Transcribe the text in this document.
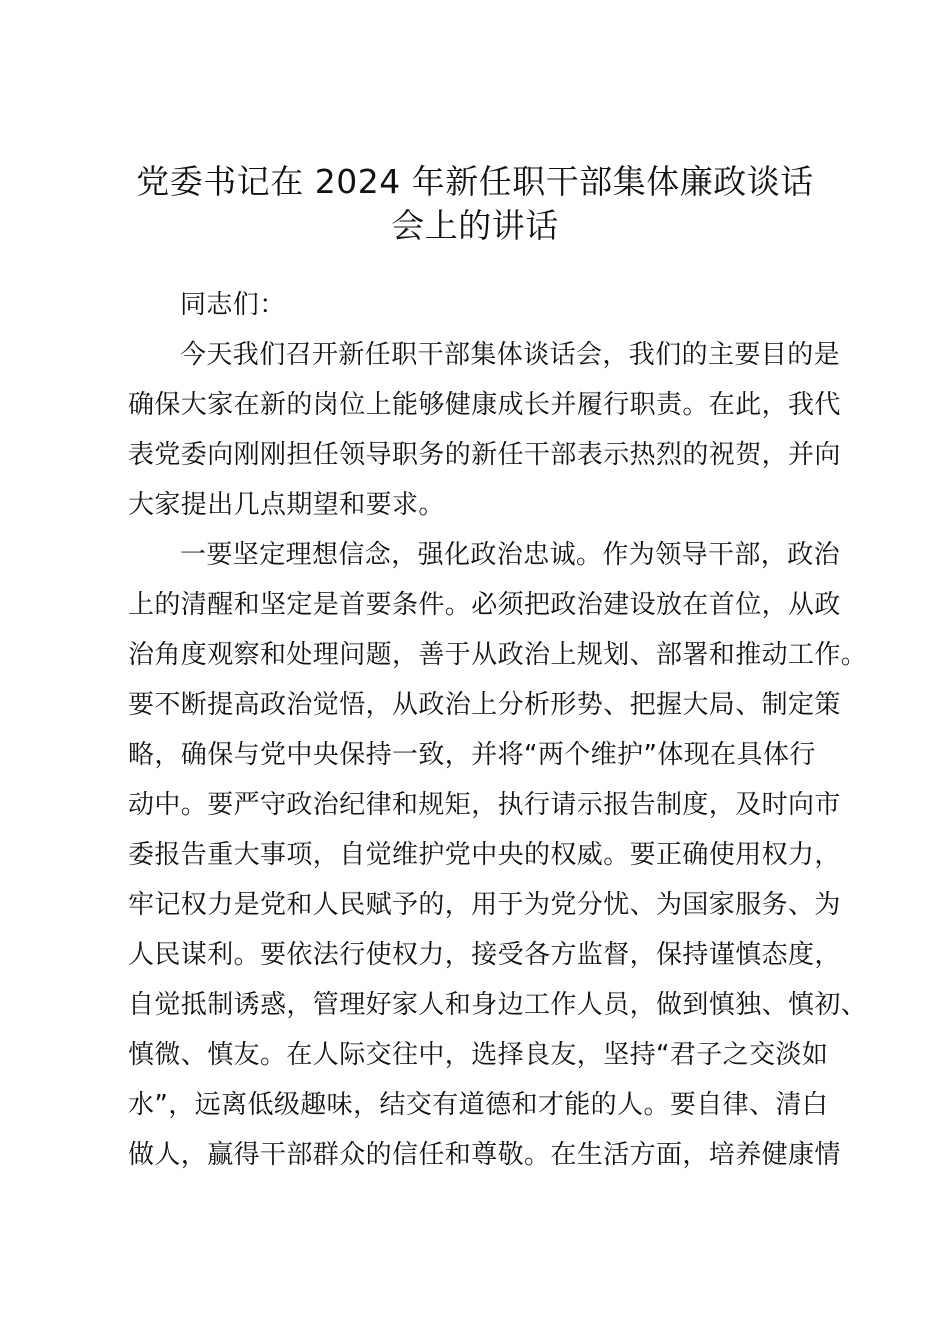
党委书记在 2024 年新任职干部集体廉政谈话
会上的讲话
同志们：
今天我们召开新任职干部集体谈话会，我们的主要目的是
确保大家在新的岗位上能够健康成长并履行职责。在此，我代
表党委向刚刚担任领导职务的新任干部表示热烈的祝贺，并向
大家提出几点期望和要求。
一要坚定理想信念，强化政治忠诚。作为领导干部，政治
上的清醒和坚定是首要条件。必须把政治建设放在首位，从政
治角度观察和处理问题，善于从政治上规划、部署和推动工作。
要不断提高政治觉悟，从政治上分析形势、把握大局、制定策
略，确保与党中央保持一致，并将“两个维护”体现在具体行
动中。要严守政治纪律和规矩，执行请示报告制度，及时向市
委报告重大事项，自觉维护党中央的权威。要正确使用权力，
牢记权力是党和人民赋予的，用于为党分忧、为国家服务、为
人民谋利。要依法行使权力，接受各方监督，保持谨慎态度，
自觉抵制诱惑，管理好家人和身边工作人员，做到慎独、慎初、
慎微、慎友。在人际交往中，选择良友，坚持“君子之交淡如
水”，远离低级趣味，结交有道德和才能的人。要自律、清白
做人，赢得干部群众的信任和尊敬。在生活方面，培养健康情
